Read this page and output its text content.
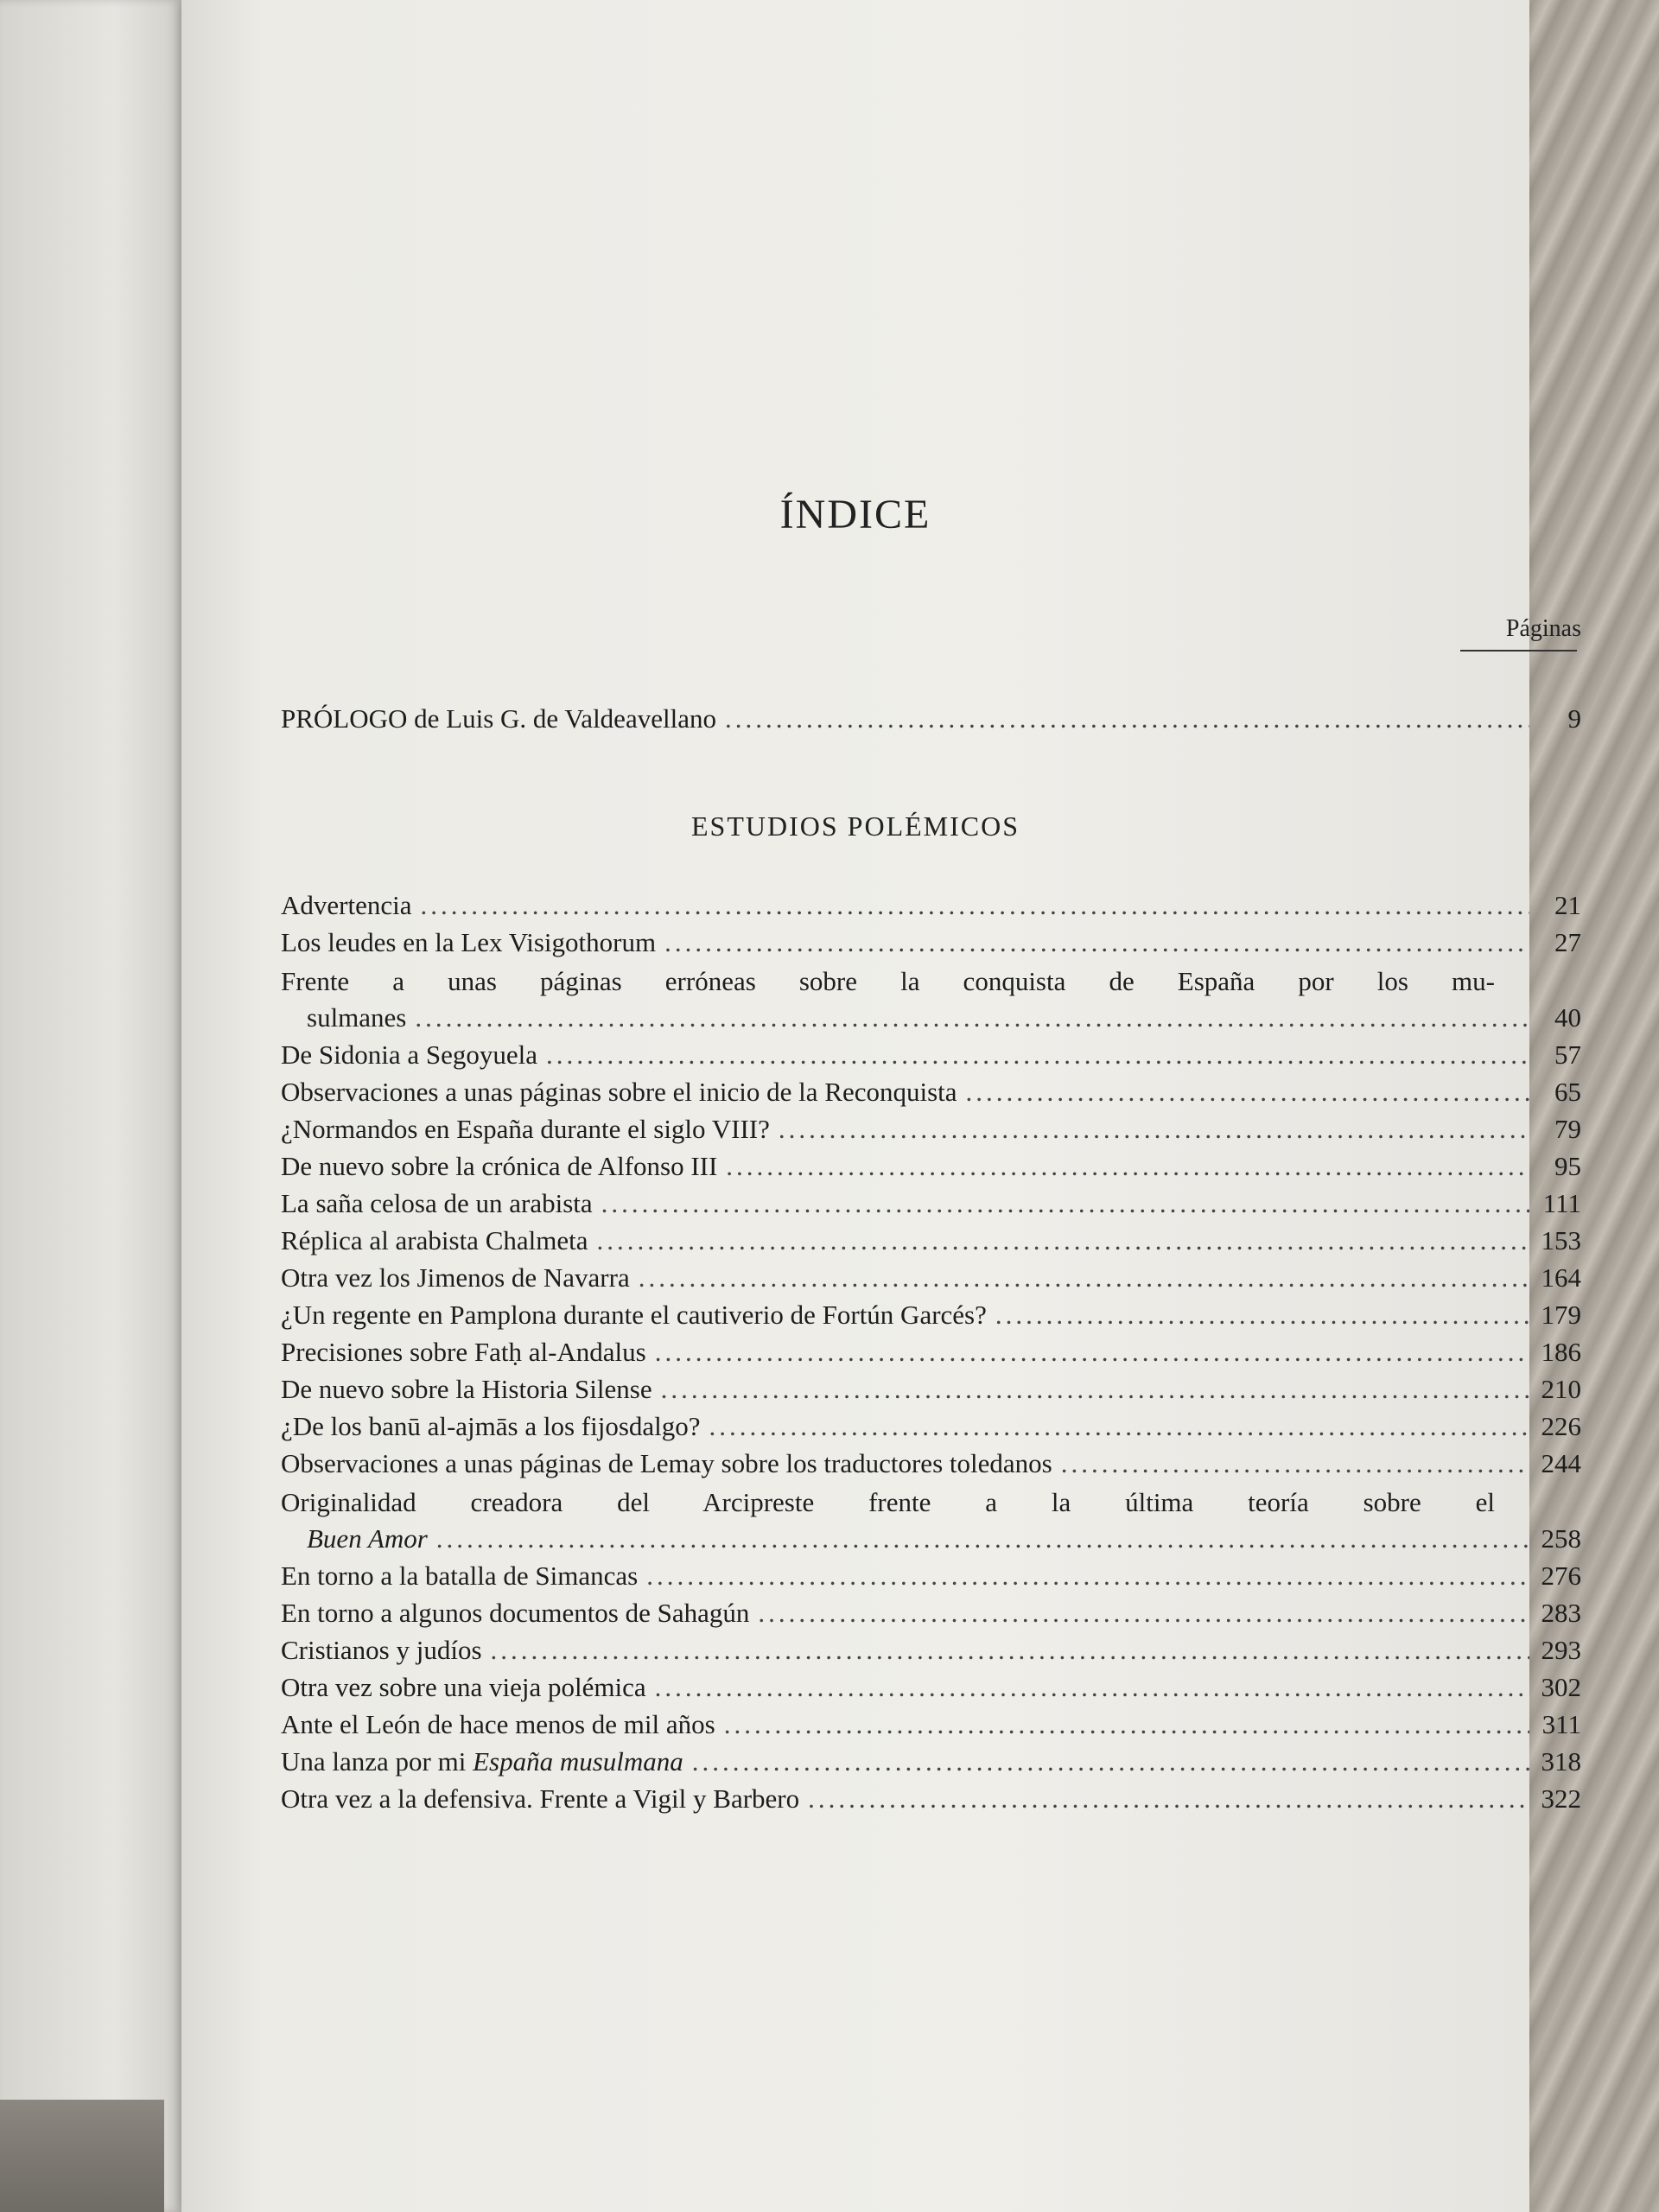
ÍNDICE
Páginas
PRÓLOGO de Luis G. de Valdeavellano .....	9
ESTUDIOS POLÉMICOS
Advertencia .....	21
Los leudes en la Lex Visigothorum .....	27
Frente a unas páginas erróneas sobre la conquista de España por los mu-
sulmanes .....	40
De Sidonia a Segoyuela .....	57
Observaciones a unas páginas sobre el inicio de la Reconquista .....	65
¿Normandos en España durante el siglo VIII? .....	79
De nuevo sobre la crónica de Alfonso III .....	95
La saña celosa de un arabista .....	111
Réplica al arabista Chalmeta .....	153
Otra vez los Jimenos de Navarra .....	164
¿Un regente en Pamplona durante el cautiverio de Fortún Garcés? .....	179
Precisiones sobre Fatḥ al-Andalus .....	186
De nuevo sobre la Historia Silense .....	210
¿De los banū al-ajmās a los fijosdalgo? .....	226
Observaciones a unas páginas de Lemay sobre los traductores toledanos .....	244
Originalidad creadora del Arcipreste frente a la última teoría sobre el
Buen Amor .....	258
En torno a la batalla de Simancas .....	276
En torno a algunos documentos de Sahagún .....	283
Cristianos y judíos .....	293
Otra vez sobre una vieja polémica .....	302
Ante el León de hace menos de mil años .....	311
Una lanza por mi España musulmana .....	318
Otra vez a la defensiva. Frente a Vigil y Barbero .....	322
